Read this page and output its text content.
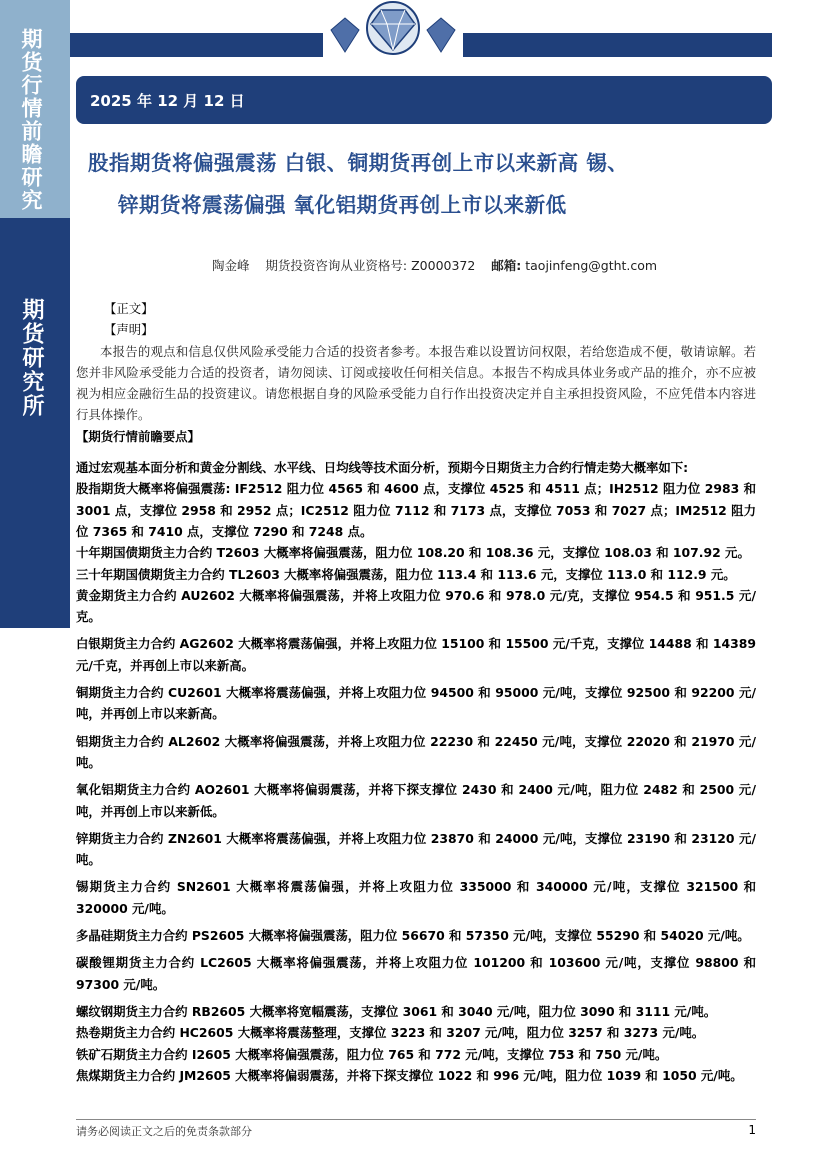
期货行情前瞻研究
期货研究所
2025 年 12 月 12 日
股指期货将偏强震荡 白银、铜期货再创上市以来新高 锡、
锌期货将震荡偏强 氧化铝期货再创上市以来新低
陶金峰 期货投资咨询从业资格号: Z0000372 邮箱: taojinfeng@gtht.com
【正文】
【声明】
本报告的观点和信息仅供风险承受能力合适的投资者参考。本报告难以设置访问权限，若给您造成不便，敬请谅解。若您并非风险承受能力合适的投资者，请勿阅读、订阅或接收任何相关信息。本报告不构成具体业务或产品的推介，亦不应被视为相应金融衍生品的投资建议。请您根据自身的风险承受能力自行作出投资决定并自主承担投资风险，不应凭借本内容进行具体操作。
【期货行情前瞻要点】
通过宏观基本面分析和黄金分割线、水平线、日均线等技术面分析，预期今日期货主力合约行情走势大概率如下:
股指期货大概率将偏强震荡: IF2512 阻力位 4565 和 4600 点，支撑位 4525 和 4511 点；IH2512 阻力位 2983 和 3001 点，支撑位 2958 和 2952 点；IC2512 阻力位 7112 和 7173 点，支撑位 7053 和 7027 点；IM2512 阻力位 7365 和 7410 点，支撑位 7290 和 7248 点。
十年期国债期货主力合约 T2603 大概率将偏强震荡，阻力位 108.20 和 108.36 元，支撑位 108.03 和 107.92 元。
三十年期国债期货主力合约 TL2603 大概率将偏强震荡，阻力位 113.4 和 113.6 元，支撑位 113.0 和 112.9 元。
黄金期货主力合约 AU2602 大概率将偏强震荡，并将上攻阻力位 970.6 和 978.0 元/克，支撑位 954.5 和 951.5 元/克。
白银期货主力合约 AG2602 大概率将震荡偏强，并将上攻阻力位 15100 和 15500 元/千克，支撑位 14488 和 14389 元/千克，并再创上市以来新高。
铜期货主力合约 CU2601 大概率将震荡偏强，并将上攻阻力位 94500 和 95000 元/吨，支撑位 92500 和 92200 元/吨，并再创上市以来新高。
铝期货主力合约 AL2602 大概率将偏强震荡，并将上攻阻力位 22230 和 22450 元/吨，支撑位 22020 和 21970 元/吨。
氧化铝期货主力合约 AO2601 大概率将偏弱震荡，并将下探支撑位 2430 和 2400 元/吨，阻力位 2482 和 2500 元/吨，并再创上市以来新低。
锌期货主力合约 ZN2601 大概率将震荡偏强，并将上攻阻力位 23870 和 24000 元/吨，支撑位 23190 和 23120 元/吨。
锡期货主力合约 SN2601 大概率将震荡偏强，并将上攻阻力位 335000 和 340000 元/吨，支撑位 321500 和 320000 元/吨。
多晶硅期货主力合约 PS2605 大概率将偏强震荡，阻力位 56670 和 57350 元/吨，支撑位 55290 和 54020 元/吨。
碳酸锂期货主力合约 LC2605 大概率将偏强震荡，并将上攻阻力位 101200 和 103600 元/吨，支撑位 98800 和 97300 元/吨。
螺纹钢期货主力合约 RB2605 大概率将宽幅震荡，支撑位 3061 和 3040 元/吨，阻力位 3090 和 3111 元/吨。
热卷期货主力合约 HC2605 大概率将震荡整理，支撑位 3223 和 3207 元/吨，阻力位 3257 和 3273 元/吨。
铁矿石期货主力合约 I2605 大概率将偏强震荡，阻力位 765 和 772 元/吨，支撑位 753 和 750 元/吨。
焦煤期货主力合约 JM2605 大概率将偏弱震荡，并将下探支撑位 1022 和 996 元/吨，阻力位 1039 和 1050 元/吨。
请务必阅读正文之后的免责条款部分	1
